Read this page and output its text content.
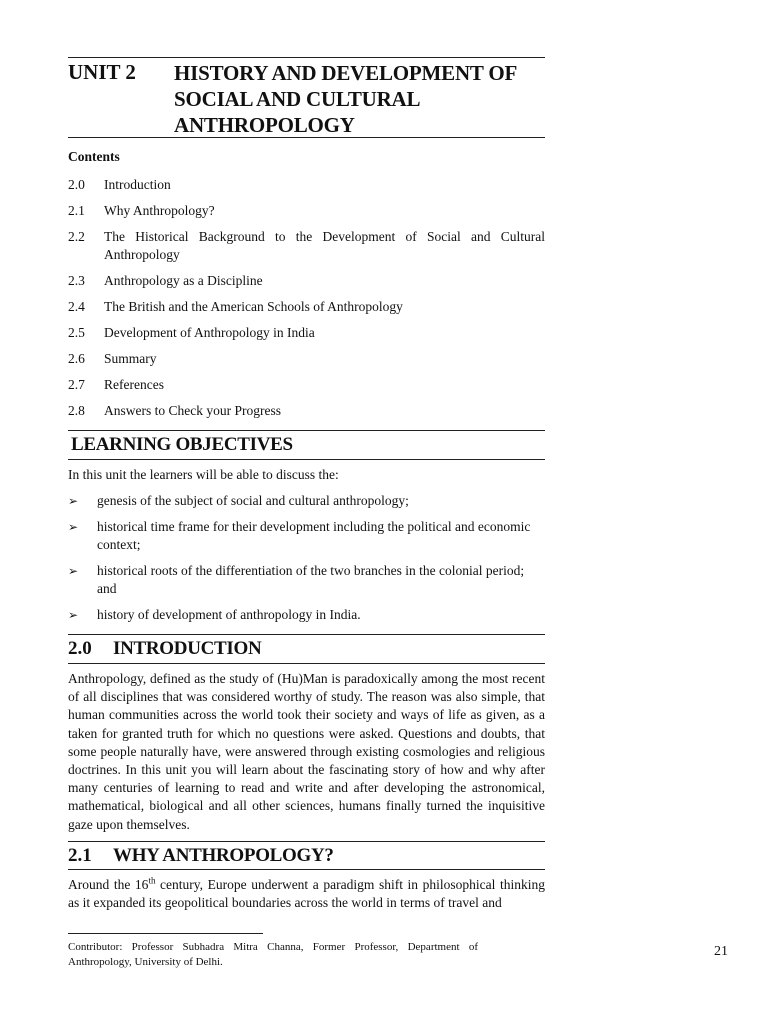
UNIT 2 HISTORY AND DEVELOPMENT OF SOCIAL AND CULTURAL ANTHROPOLOGY
Contents
2.0 Introduction
2.1 Why Anthropology?
2.2 The Historical Background to the Development of Social and Cultural Anthropology
2.3 Anthropology as a Discipline
2.4 The British and the American Schools of Anthropology
2.5 Development of Anthropology in India
2.6 Summary
2.7 References
2.8 Answers to Check your Progress
LEARNING OBJECTIVES
In this unit the learners will be able to discuss the:
➢ genesis of the subject of social and cultural anthropology;
➢ historical time frame for their development including the political and economic context;
➢ historical roots of the differentiation of the two branches in the colonial period; and
➢ history of development of anthropology in India.
2.0 INTRODUCTION
Anthropology, defined as the study of (Hu)Man is paradoxically among the most recent of all disciplines that was considered worthy of study. The reason was also simple, that human communities across the world took their society and ways of life as given, as a taken for granted truth for which no questions were asked. Questions and doubts, that some people naturally have, were answered through existing cosmologies and religious doctrines. In this unit you will learn about the fascinating story of how and why after many centuries of learning to read and write and after developing the astronomical, mathematical, biological and all other sciences, humans finally turned the inquisitive gaze upon themselves.
2.1 WHY ANTHROPOLOGY?
Around the 16th century, Europe underwent a paradigm shift in philosophical thinking as it expanded its geopolitical boundaries across the world in terms of travel and
Contributor: Professor Subhadra Mitra Channa, Former Professor, Department of Anthropology, University of Delhi.
21
